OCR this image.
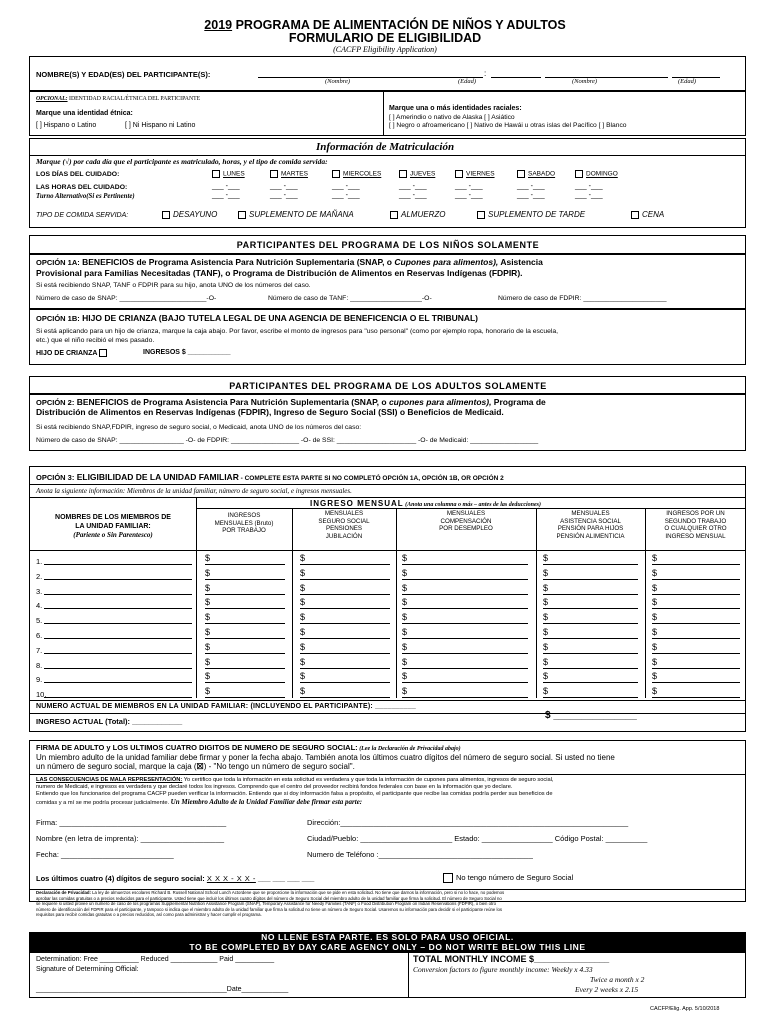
2019 PROGRAMA DE ALIMENTACIÓN DE NIÑOS Y ADULTOS
FORMULARIO DE ELIGIBILIDAD
(CACFP Eligibility Application)
NOMBRE(S) Y EDAD(ES) DEL PARTICIPANTE(S):	:
(Nombre)	(Edad)	(Nombre)	(Edad)
OPCIONAL: IDENTIDAD RACIAL/ÉTNICA DEL PARTICIPANTE
Marque una identidad étnica:
[ ] Hispano o Latino	[ ] Ni Hispano ni Latino
Marque una o más identidades raciales:
[ ] Amerindio o nativo de Alaska [ ] Asiático
[ ] Negro o afroamericano [ ] Nativo de Hawái u otras islas del Pacífico [ ] Blanco
Información de Matriculación
Marque (√) por cada día que el participante es matriculado, horas, y el tipo de comida servida:
LOS DÍAS DEL CUIDADO:	LUNES	MARTES	MIERCOLES	JUEVES	VIERNES	SABADO	DOMINGO
LAS HORAS DEL CUIDADO:
Turno Alternativo(Si es Pertinente)
___ -___	___ -___	___ -___	___ -___	___ -___	___ -___	___ -___
___ -___	___ -___	___ -___	___ -___	___ -___	___ -___	___ -___
TIPO DE COMIDA SERVIDA:	DESAYUNO	SUPLEMENTO DE MAÑANA	ALMUERZO	SUPLEMENTO DE TARDE	CENA
PARTICIPANTES DEL PROGRAMA DE LOS NIÑOS SOLAMENTE
OPCIÓN 1A: BENEFICIOS de Programa Asistencia Para Nutrición Suplementaria (SNAP, o Cupones para alimentos), Asistencia
Provisional para Familias Necesitadas (TANF), o Programa de Distribución de Alimentos en Reservas Indígenas (FDPIR).
Si está recibiendo SNAP, TANF o FDPIR para su hijo, anota UNO de los números del caso.
Número de caso de SNAP: _______________________-O-	Número de caso de TANF: ___________________-O-	Número de caso de FDPIR: ______________________
OPCIÓN 1B: HIJO DE CRIANZA (BAJO TUTELA LEGAL DE UNA AGENCIA DE BENEFICENCIA O EL TRIBUNAL)
Si está aplicando para un hijo de crianza, marque la caja abajo. Por favor, escribe el monto de ingresos para "uso personal" (como por ejemplo ropa, honorario de la escuela,
etc.) que el niño recibió el mes pasado.
HIJO DE CRIANZA	INGRESOS $ ___________
PARTICIPANTES DEL PROGRAMA DE LOS ADULTOS SOLAMENTE
OPCIÓN 2: BENEFICIOS de Programa Asistencia Para Nutrición Suplementaria (SNAP, o cupones para alimentos), Programa de
Distribución de Alimentos en Reservas Indígenas (FDPIR), Ingreso de Seguro Social (SSI) o Beneficios de Medicaid.
Si está recibiendo SNAP,FDPIR, ingreso de seguro social, o Medicaid, anota UNO de los números del caso:
Número de caso de SNAP: _________________ -O- de FDPIR: __________________ -O- de SSI: _____________________ -O- de Medicaid: __________________
OPCIÓN 3: ELIGIBILIDAD DE LA UNIDAD FAMILIAR - COMPLETE ESTA PARTE SI NO COMPLETÓ OPCIÓN 1A, OPCIÓN 1B, OR OPCIÓN 2
Anota la siguiente información: Miembros de la unidad familiar, número de seguro social, e ingresos mensuales.
INGRESO MENSUAL (Anota una columna o más – antes de las deducciones)
NOMBRES DE LOS MIEMBROS DE
LA UNIDAD FAMILIAR:
(Pariente o Sin Parentesco)
INGRESOS
MENSUALES (Bruto)
POR TRABAJO
MENSUALES
SEGURO SOCIAL
PENSIONES
JUBILACIÓN
MENSUALES
COMPENSACIÓN
POR DESEMPLEO
MENSUALES
ASISTENCIA SOCIAL
PENSIÓN PARA HIJOS
PENSIÓN ALIMENTICIA
INGRESOS POR UN
SEGUNDO TRABAJO
O CUALQUIER OTRO
INGRESO MENSUAL
1.	$	$	$	$	$
2.	$	$	$	$	$
3.	$	$	$	$	$
4.	$	$	$	$	$
5.	$	$	$	$	$
6.	$	$	$	$	$
7.	$	$	$	$	$
8.	$	$	$	$	$
9.	$	$	$	$	$
10.	$	$	$	$	$
NUMERO ACTUAL DE MIEMBROS EN LA UNIDAD FAMILIAR: (INCLUYENDO EL PARTICIPANTE): __________
INGRESO ACTUAL (Total): ____________
$ _______________
FIRMA DE ADULTO y LOS ULTIMOS CUATRO DIGITOS DE NUMERO DE SEGURO SOCIAL: (Lee la Declaración de Privacidad abajo)
Un miembro adulto de la unidad familiar debe firmar y poner la fecha abajo. También anota los últimos cuatro dígitos del número de seguro social. Si usted no tiene
un número de seguro social, marque la caja (☒) - "No tengo un número de seguro social".
LAS CONSECUENCIAS DE MALA REPRESENTACIÓN: Yo certifico que toda la información en esta solicitud es verdadera y que toda la información de cupones para alimentos, ingresos de seguro social,
numero de Medicaid, e ingresos es verdadera y que declaré todos los ingresos. Comprendo que el centro del proveedor recibirá fondos federales con base en la información que yo declare.
Entiendo que los funcionarios del programa CACFP pueden verificar la información. Entiendo que si doy información falsa a propósito, el participante que recibe las comidas podría perder sus beneficios de
comidas y a mí se me podría procesar judicialmente. Un Miembro Adulto de la Unidad Familiar debe firmar esta parte:
Firma: ________________________________________	Dirección:_____________________________________________________________________
Nombre (en letra de imprenta): ____________________	Ciudad/Pueblo: ______________________ Estado: _________________ Código Postal: __________
Fecha: ___________________________	Numero de Teléfono :_____________________________________
Los últimos cuatro (4) dígitos de seguro social: X X X - X X - ___ ___ ___ ___	No tengo número de Seguro Social
Declaración de Privacidad: La ley de almuerzos escolares Richard B. Russell National School Lunch Actordene que se proporcione la información que se pide en esta solicitud. No tiene que darnos la información, pero si no lo hace, no podemos
aprobar las comidas gratuitas o a precios reducidos para el participante. Usted tiene que incluir los últimos cuatro dígitos del número de Seguro Social del miembro adulto de la unidad familiar que firma la solicitud. El número de Seguro Social no
se requiere si usted provee un numero de caso de los programas Supplemental Nutrition Assistance Program (SNAP), Temporary Assistance for Needy Families (TANF) o Food Distribution Program on Indian Reservations (FDPIR), o bien otro
número de identificación del FDPIR para el participante, y tampoco si indica que el miembro adulto de la unidad familiar que firma la solicitud no tiene un número de Seguro Social. Usaremos su información para decidir si el participante reúne los
requisitos para recibir comidas gratuitas o a precios reducidos, así como para administrar y hacer cumplir el programa.
NO LLENE ESTA PARTE. ES SOLO PARA USO OFICIAL.
TO BE COMPLETED BY DAY CARE AGENCY ONLY – DO NOT WRITE BELOW THIS LINE
Determination: Free __________ Reduced ____________ Paid __________
Signature of Determining Official:
_________________________________________________Date____________
TOTAL MONTHLY INCOME $_______________
Conversion factors to figure monthly income: Weekly x 4.33
Twice a month x 2
Every 2 weeks x 2.15
CACFP/Elig. App. 5/10/2018
